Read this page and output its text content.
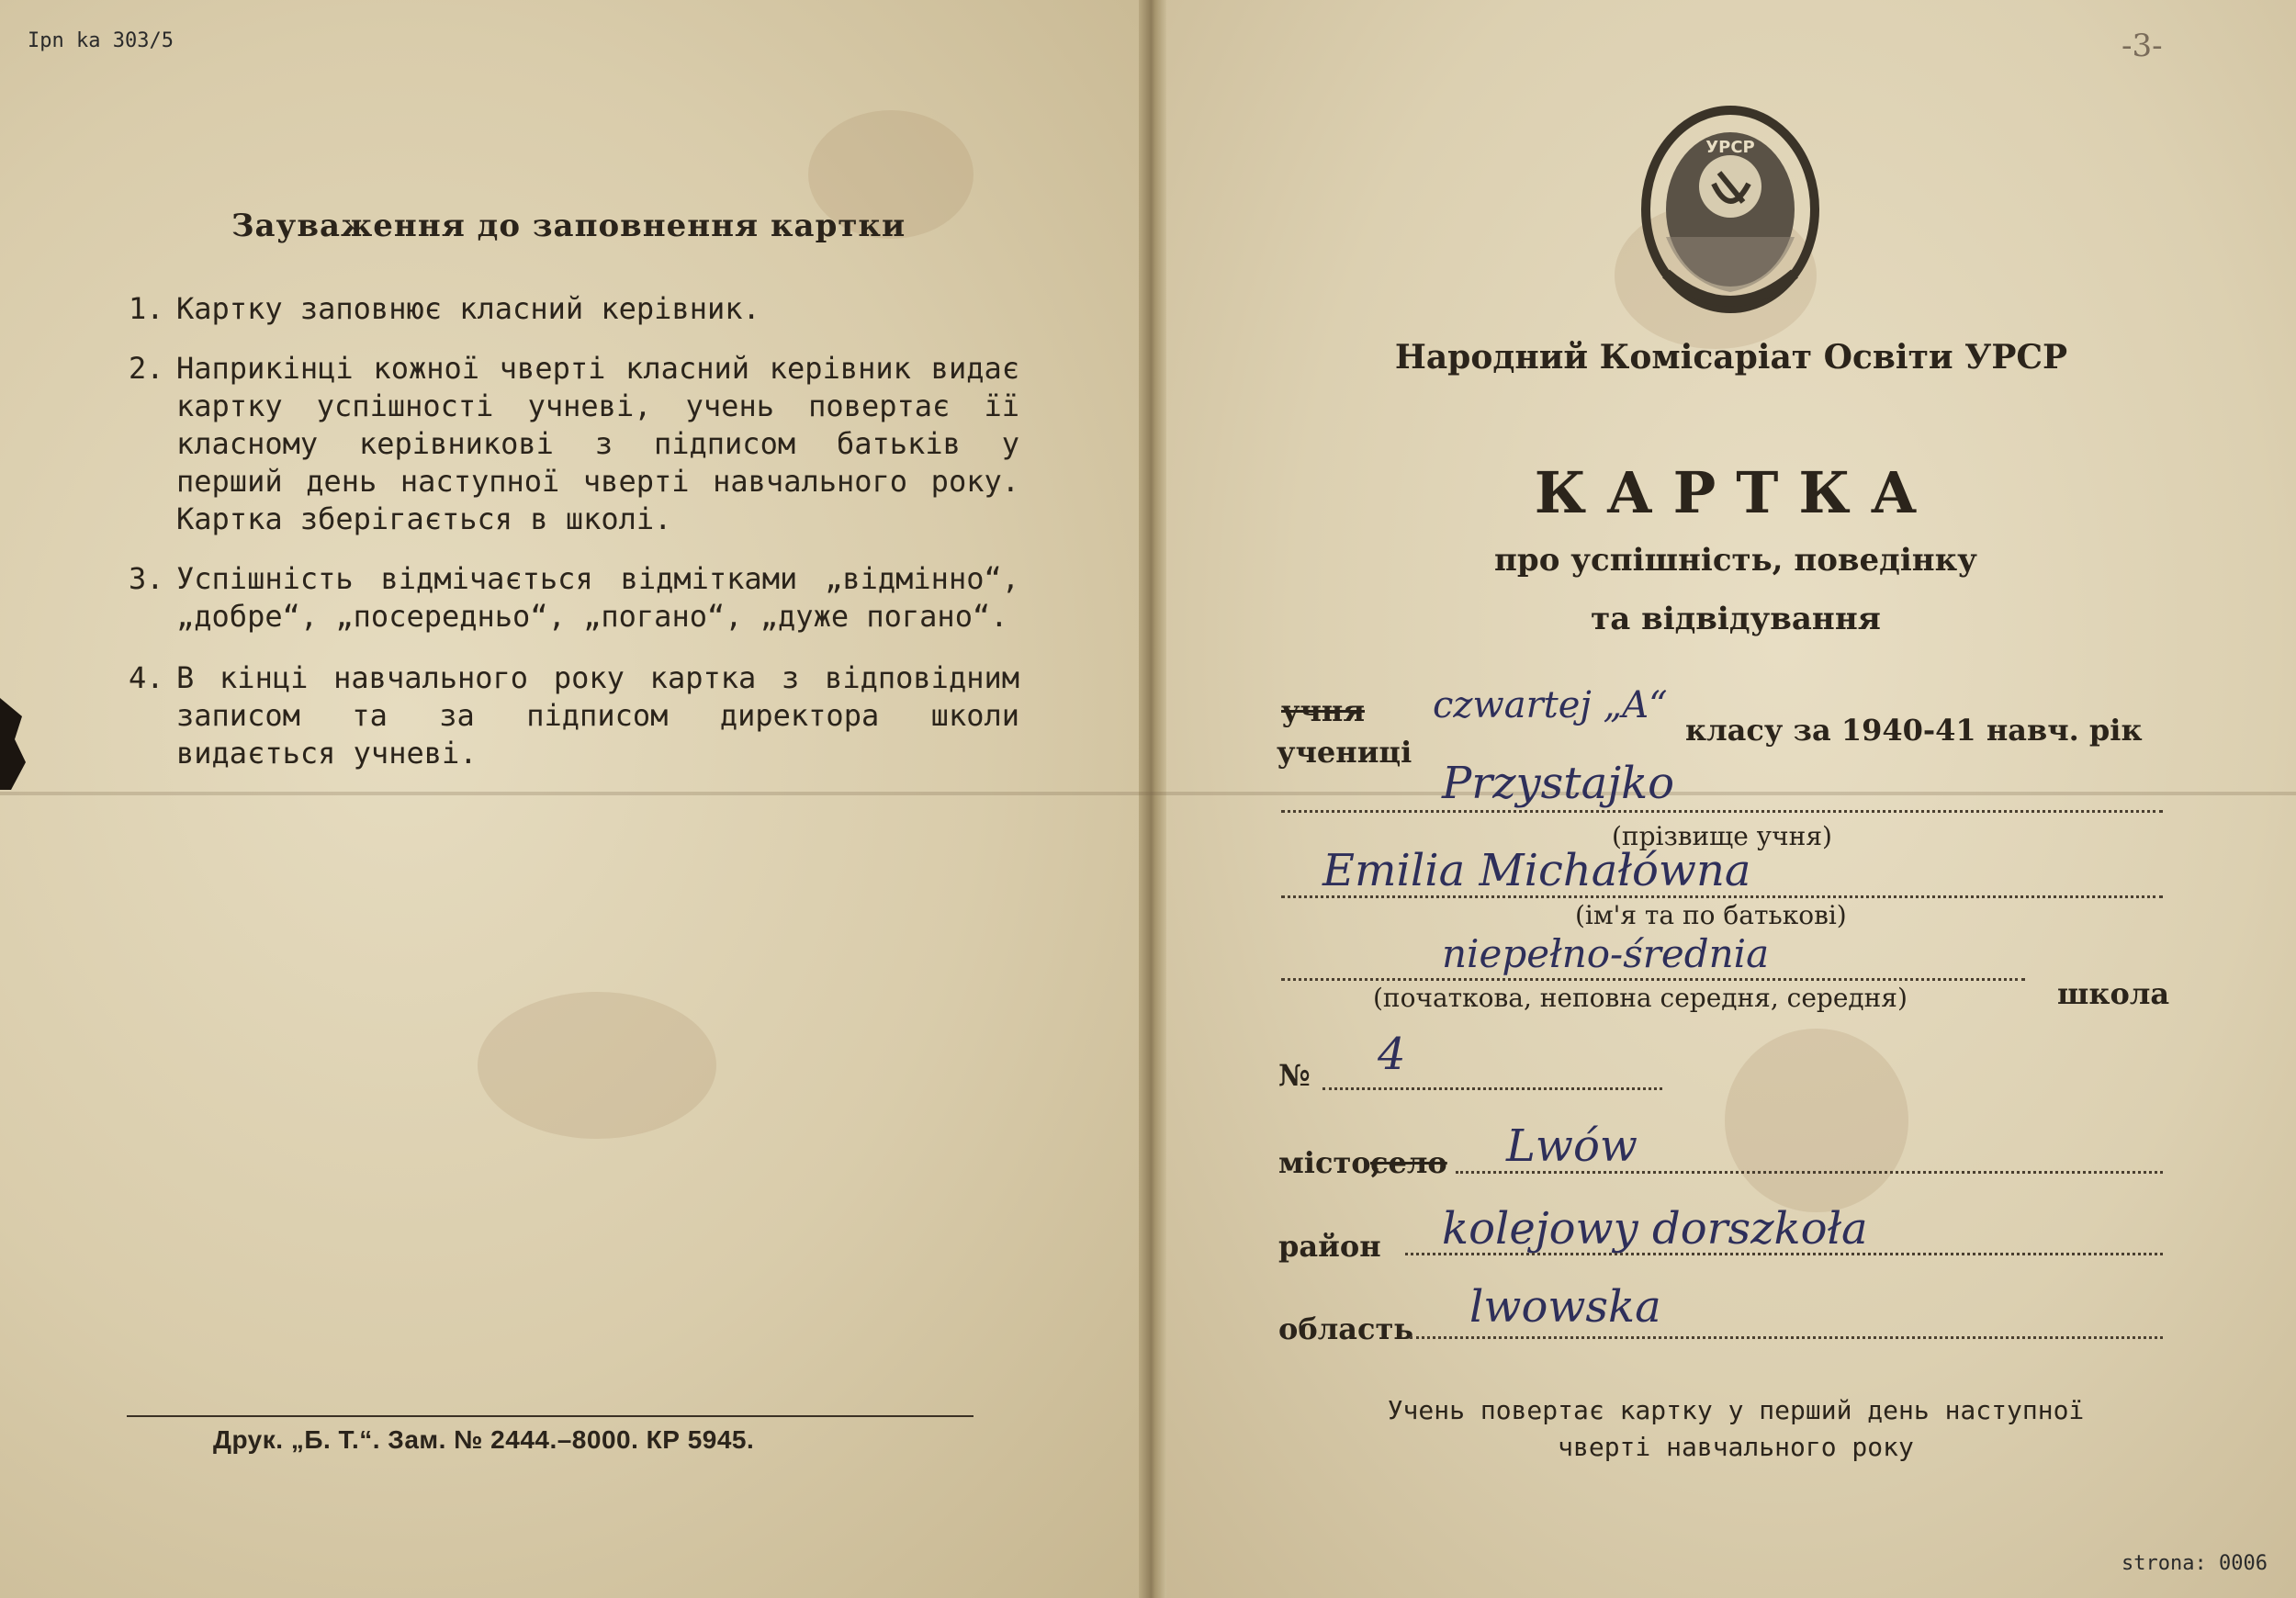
Ipn ka 303/5	-3-
strona: 0006
Зауваження до заповнення картки
1. Картку заповнює класний керівник.
2. Наприкінці кожної чверті класний керівник видає картку успішності учневі, учень повертає її класному керівникові з підписом батьків у перший день наступної чверті навчального року. Картка зберігається в школі.
3. Успішність відмічається відмітками „відмінно“, „добре“, „посередньо“, „погано“, „дуже погано“.
4. В кінці навчального року картка з відповідним записом та за підписом директора школи видається учневі.
Друк. „Б. Т.“. Зам. № 2444.–8000. КР 5945.
УРСР
Народний Комісаріат Освіти УРСР
КАРТКА
про успішність, поведінку
та відвідування
учня
учениці
czwartej „A“
класу за 1940-41 навч. рік
Przystajko
(прізвище учня)
Emilia Michałówna
(ім'я та по батькові)
niepełno-średnia
(початкова, неповна середня, середня)	школа
№ 4
місто,
село Lwów
район kolejowy dorszkoła
область lwowska
Учень повертає картку у перший день наступної
чверті навчального року
